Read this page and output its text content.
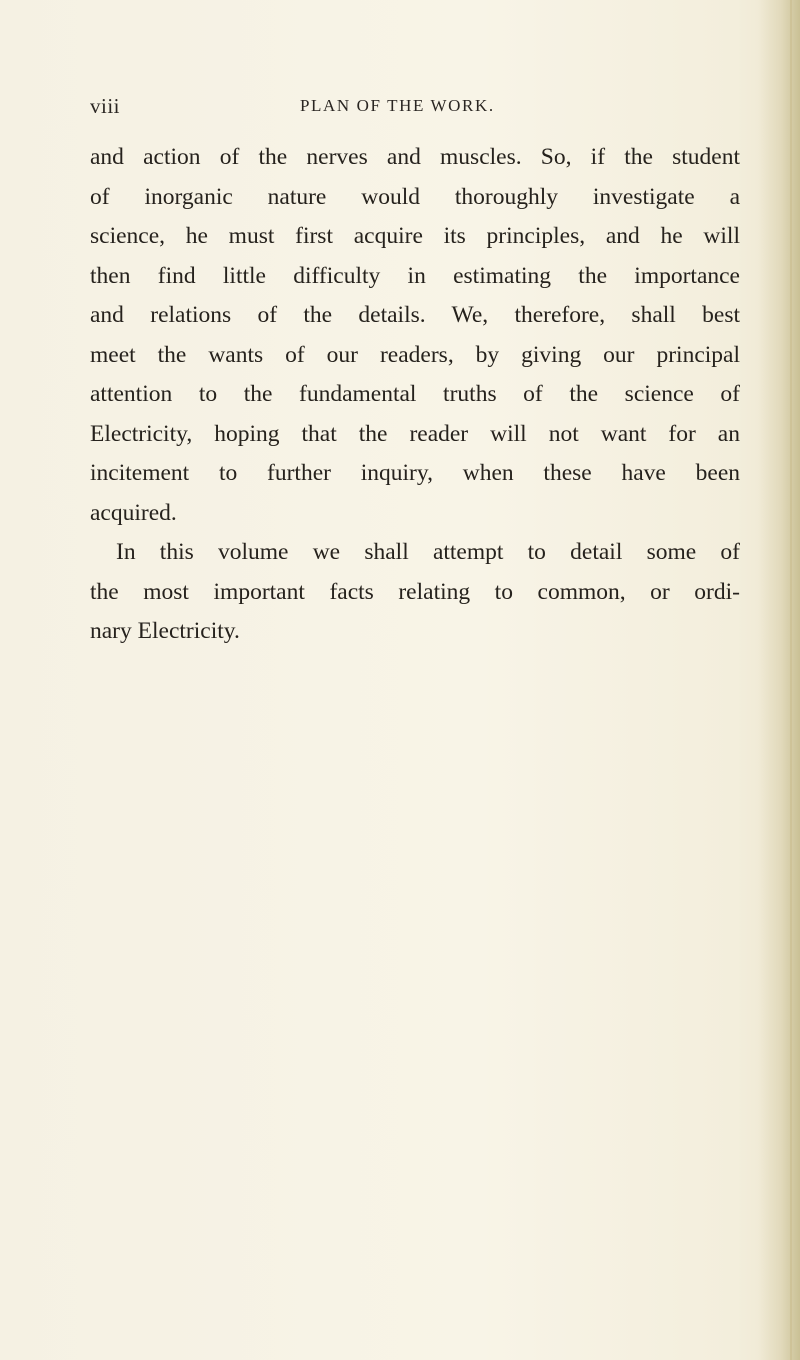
viii	PLAN OF THE WORK.
and action of the nerves and muscles. So, if the student
of inorganic nature would thoroughly investigate a
science, he must first acquire its principles, and he will
then find little difficulty in estimating the importance
and relations of the details. We, therefore, shall best
meet the wants of our readers, by giving our principal
attention to the fundamental truths of the science of
Electricity, hoping that the reader will not want for an
incitement to further inquiry, when these have been
acquired.
In this volume we shall attempt to detail some of
the most important facts relating to common, or ordi-
nary Electricity.
